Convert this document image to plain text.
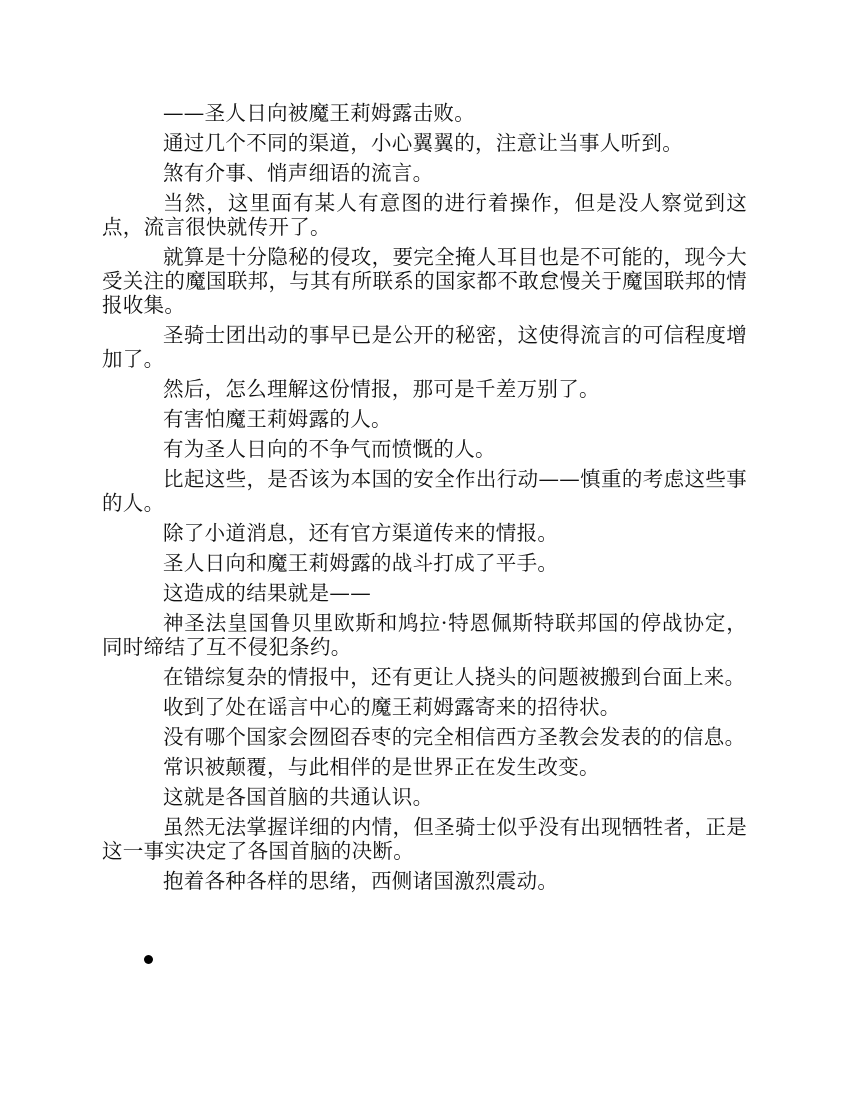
——圣人日向被魔王莉姆露击败。

通过几个不同的渠道，小心翼翼的，注意让当事人听到。

煞有介事、悄声细语的流言。

当然，这里面有某人有意图的进行着操作，但是没人察觉到这点，流言很快就传开了。

就算是十分隐秘的侵攻，要完全掩人耳目也是不可能的，现今大受关注的魔国联邦，与其有所联系的国家都不敢怠慢关于魔国联邦的情报收集。

圣骑士团出动的事早已是公开的秘密，这使得流言的可信程度增加了。

然后，怎么理解这份情报，那可是千差万别了。

有害怕魔王莉姆露的人。

有为圣人日向的不争气而愤慨的人。

比起这些，是否该为本国的安全作出行动——慎重的考虑这些事的人。

除了小道消息，还有官方渠道传来的情报。

圣人日向和魔王莉姆露的战斗打成了平手。

这造成的结果就是——

神圣法皇国鲁贝里欧斯和鸠拉·特恩佩斯特联邦国的停战协定，同时缔结了互不侵犯条约。

在错综复杂的情报中，还有更让人挠头的问题被搬到台面上来。

收到了处在谣言中心的魔王莉姆露寄来的招待状。

没有哪个国家会囫囵吞枣的完全相信西方圣教会发表的的信息。

常识被颠覆，与此相伴的是世界正在发生改变。

这就是各国首脑的共通认识。

虽然无法掌握详细的内情，但圣骑士似乎没有出现牺牲者，正是这一事实决定了各国首脑的决断。

抱着各种各样的思绪，西侧诸国激烈震动。
